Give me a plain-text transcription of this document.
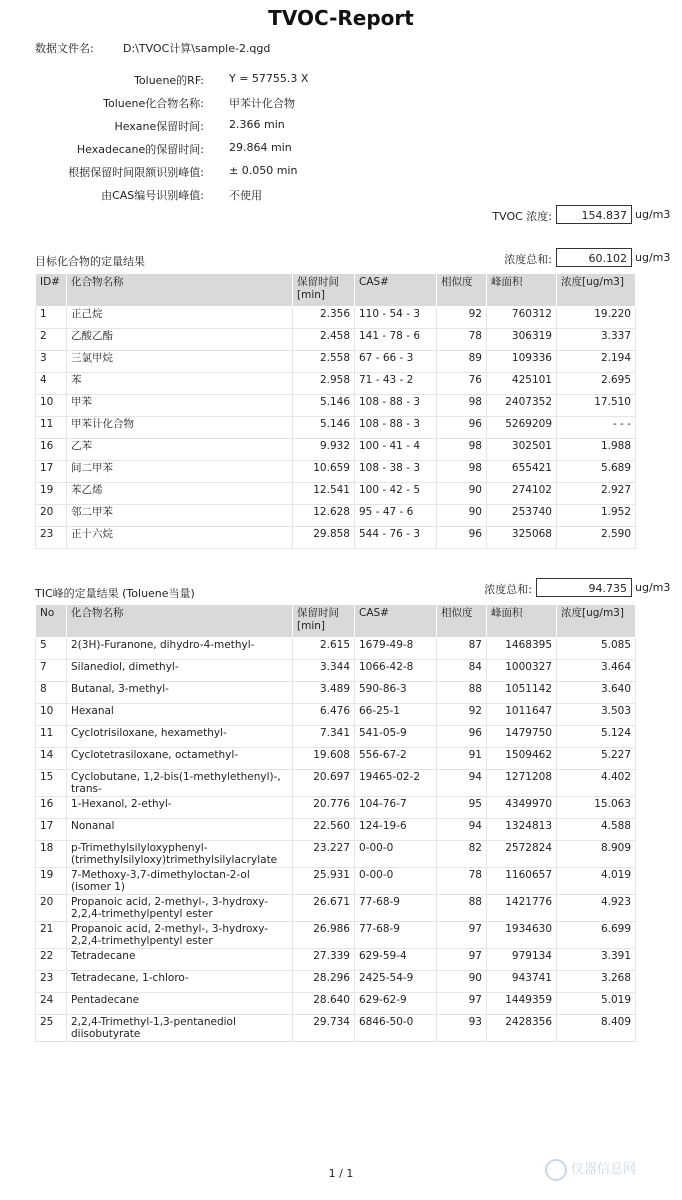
TVOC-Report
数据文件名:	D:\TVOC计算\sample-2.qgd
Toluene的RF: Y = 57755.3 X
Toluene化合物名称: 甲苯计化合物
Hexane保留时间: 2.366 min
Hexadecane的保留时间: 29.864 min
根据保留时间限额识别峰值: ± 0.050 min
由CAS编号识别峰值: 不使用
TVOC 浓度:	154.837 ug/m3
目标化合物的定量结果	浓度总和:	60.102 ug/m3
ID#	化合物名称	保留时间
[min]	CAS#	相似度	峰面积	浓度[ug/m3]
1	正己烷	2.356	110 - 54 - 3	92	760312	19.220
2	乙酸乙酯	2.458	141 - 78 - 6	78	306319	3.337
3	三氯甲烷	2.558	67 - 66 - 3	89	109336	2.194
4	苯	2.958	71 - 43 - 2	76	425101	2.695
10	甲苯	5.146	108 - 88 - 3	98	2407352	17.510
11	甲苯计化合物	5.146	108 - 88 - 3	96	5269209	- - -
16	乙苯	9.932	100 - 41 - 4	98	302501	1.988
17	间二甲苯	10.659	108 - 38 - 3	98	655421	5.689
19	苯乙烯	12.541	100 - 42 - 5	90	274102	2.927
20	邻二甲苯	12.628	95 - 47 - 6	90	253740	1.952
23	正十六烷	29.858	544 - 76 - 3	96	325068	2.590
TIC峰的定量结果 (Toluene当量)	浓度总和:	94.735 ug/m3
No	化合物名称	保留时间
[min]	CAS#	相似度	峰面积	浓度[ug/m3]
5	2(3H)-Furanone, dihydro-4-methyl-	2.615	1679-49-8	87	1468395	5.085
7	Silanediol, dimethyl-	3.344	1066-42-8	84	1000327	3.464
8	Butanal, 3-methyl-	3.489	590-86-3	88	1051142	3.640
10	Hexanal	6.476	66-25-1	92	1011647	3.503
11	Cyclotrisiloxane, hexamethyl-	7.341	541-05-9	96	1479750	5.124
14	Cyclotetrasiloxane, octamethyl-	19.608	556-67-2	91	1509462	5.227
15	Cyclobutane, 1,2-bis(1-methylethenyl)-, trans-	20.697	19465-02-2	94	1271208	4.402
16	1-Hexanol, 2-ethyl-	20.776	104-76-7	95	4349970	15.063
17	Nonanal	22.560	124-19-6	94	1324813	4.588
18	p-Trimethylsilyloxyphenyl-(trimethylsilyloxy)trimethylsilylacrylate	23.227	0-00-0	82	2572824	8.909
19	7-Methoxy-3,7-dimethyloctan-2-ol (isomer 1)	25.931	0-00-0	78	1160657	4.019
20	Propanoic acid, 2-methyl-, 3-hydroxy-2,2,4-trimethylpentyl ester	26.671	77-68-9	88	1421776	4.923
21	Propanoic acid, 2-methyl-, 3-hydroxy-2,2,4-trimethylpentyl ester	26.986	77-68-9	97	1934630	6.699
22	Tetradecane	27.339	629-59-4	97	979134	3.391
23	Tetradecane, 1-chloro-	28.296	2425-54-9	90	943741	3.268
24	Pentadecane	28.640	629-62-9	97	1449359	5.019
25	2,2,4-Trimethyl-1,3-pentanediol diisobutyrate	29.734	6846-50-0	93	2428356	8.409
1 / 1	仪器信息网
